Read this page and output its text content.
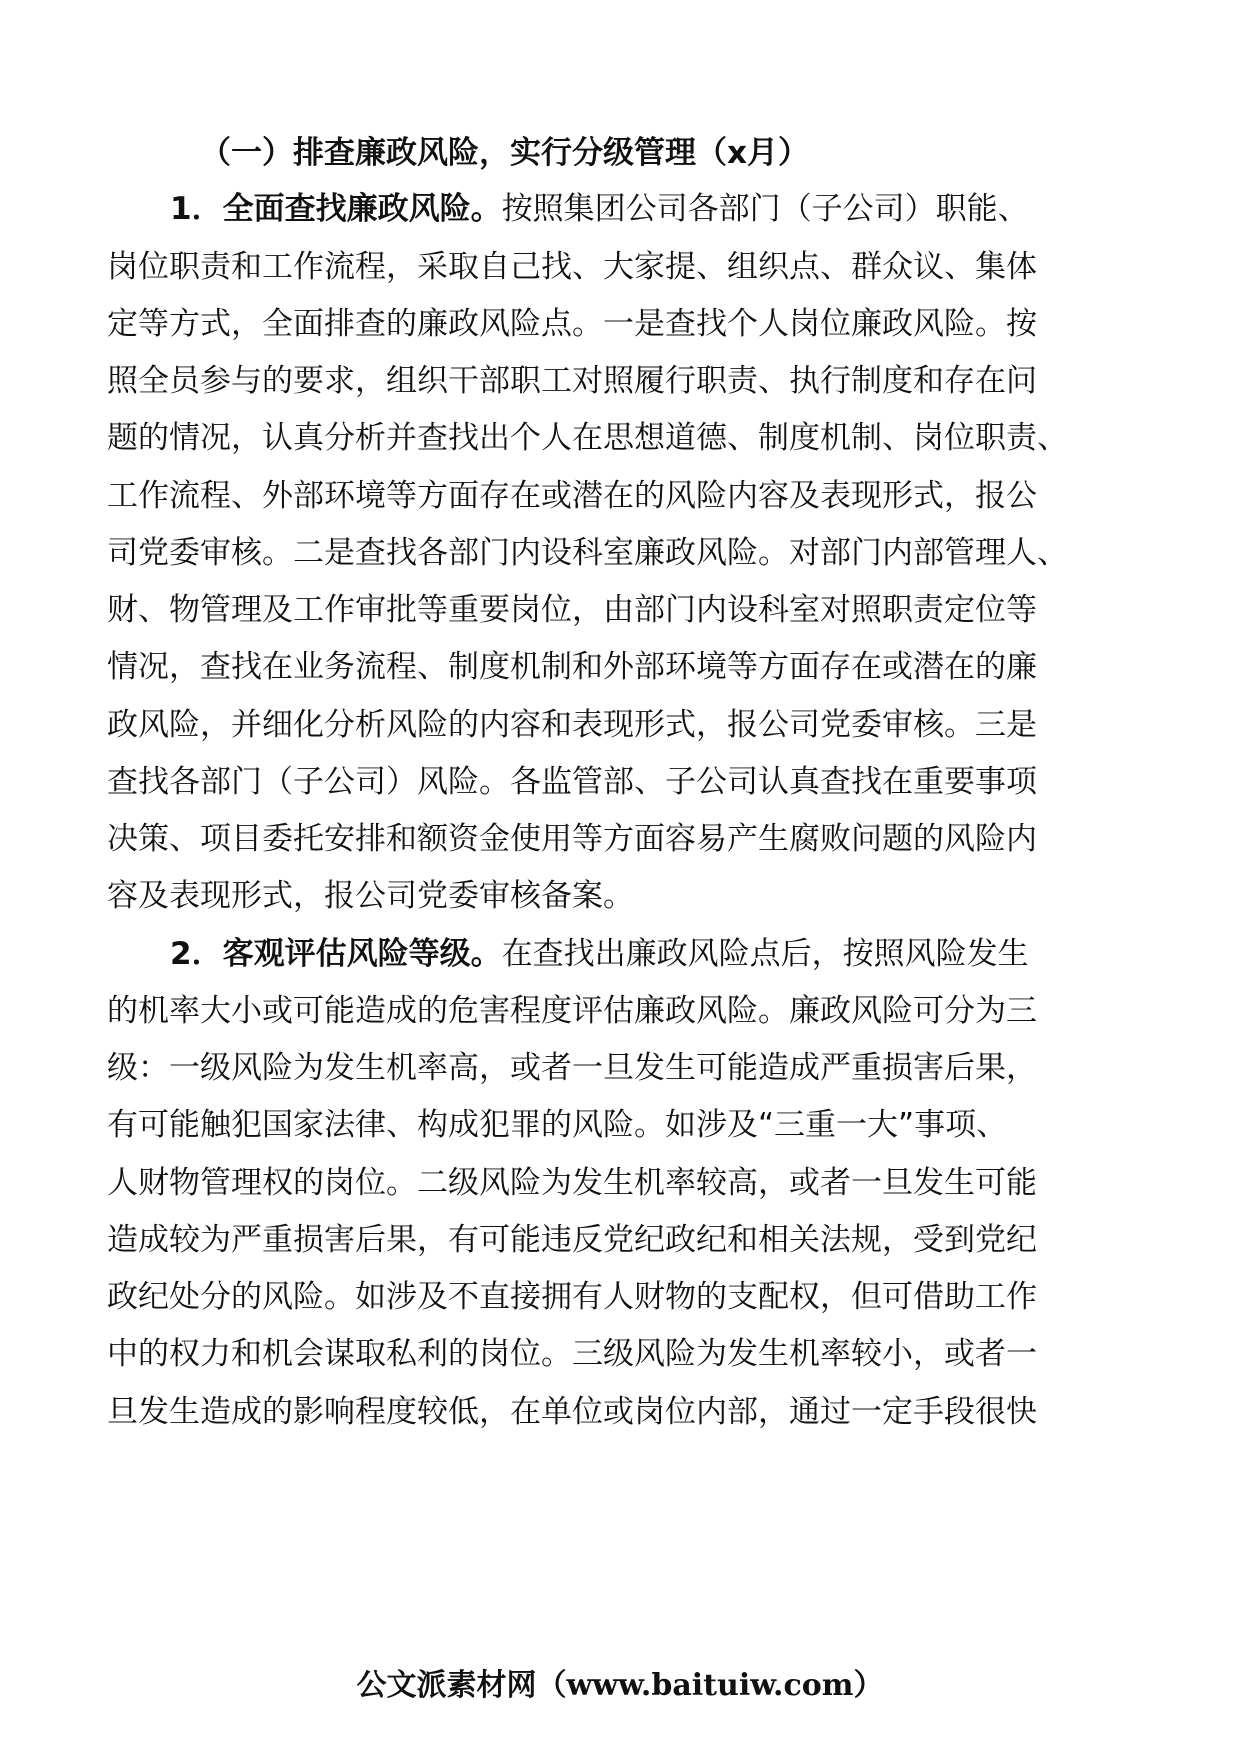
（一）排查廉政风险，实行分级管理（x月）
1．全面查找廉政风险。按照集团公司各部门（子公司）职能、
岗位职责和工作流程，采取自己找、大家提、组织点、群众议、集体
定等方式，全面排查的廉政风险点。一是查找个人岗位廉政风险。按
照全员参与的要求，组织干部职工对照履行职责、执行制度和存在问
题的情况，认真分析并查找出个人在思想道德、制度机制、岗位职责、
工作流程、外部环境等方面存在或潜在的风险内容及表现形式，报公
司党委审核。二是查找各部门内设科室廉政风险。对部门内部管理人、
财、物管理及工作审批等重要岗位，由部门内设科室对照职责定位等
情况，查找在业务流程、制度机制和外部环境等方面存在或潜在的廉
政风险，并细化分析风险的内容和表现形式，报公司党委审核。三是
查找各部门（子公司）风险。各监管部、子公司认真查找在重要事项
决策、项目委托安排和额资金使用等方面容易产生腐败问题的风险内
容及表现形式，报公司党委审核备案。
2．客观评估风险等级。在查找出廉政风险点后，按照风险发生
的机率大小或可能造成的危害程度评估廉政风险。廉政风险可分为三
级：一级风险为发生机率高，或者一旦发生可能造成严重损害后果，
有可能触犯国家法律、构成犯罪的风险。如涉及“三重一大”事项、
人财物管理权的岗位。二级风险为发生机率较高，或者一旦发生可能
造成较为严重损害后果，有可能违反党纪政纪和相关法规，受到党纪
政纪处分的风险。如涉及不直接拥有人财物的支配权，但可借助工作
中的权力和机会谋取私利的岗位。三级风险为发生机率较小，或者一
旦发生造成的影响程度较低，在单位或岗位内部，通过一定手段很快
公文派素材网（www.baituiw.com）
